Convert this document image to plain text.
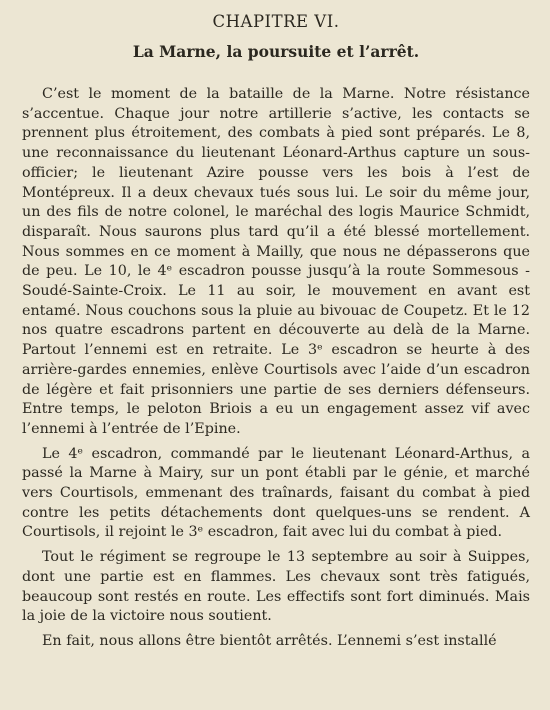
CHAPITRE VI.
La Marne, la poursuite et l’arrêt.

C’est le moment de la bataille de la Marne. Notre résistance s’accentue. Chaque jour notre artillerie s’active, les contacts se prennent plus étroitement, des combats à pied sont préparés. Le 8, une reconnaissance du lieutenant Léonard-Arthus capture un sous-officier; le lieutenant Azire pousse vers les bois à l’est de Montépreux. Il a deux chevaux tués sous lui. Le soir du même jour, un des fils de notre colonel, le maréchal des logis Maurice Schmidt, disparaît. Nous saurons plus tard qu’il a été blessé mortellement. Nous sommes en ce moment à Mailly, que nous ne dépasserons que de peu. Le 10, le 4ᵉ escadron pousse jusqu’à la route Sommesous - Soudé-Sainte-Croix. Le 11 au soir, le mouvement en avant est entamé. Nous couchons sous la pluie au bivouac de Coupetz. Et le 12 nos quatre escadrons partent en découverte au delà de la Marne. Partout l’ennemi est en retraite. Le 3ᵉ escadron se heurte à des arrière-gardes ennemies, enlève Courtisols avec l’aide d’un escadron de légère et fait prisonniers une partie de ses derniers défenseurs. Entre temps, le peloton Briois a eu un engagement assez vif avec l’ennemi à l’entrée de l’Epine.

Le 4ᵉ escadron, commandé par le lieutenant Léonard-Arthus, a passé la Marne à Mairy, sur un pont établi par le génie, et marché vers Courtisols, emmenant des traînards, faisant du combat à pied contre les petits détachements dont quelques-uns se rendent. A Courtisols, il rejoint le 3ᵉ escadron, fait avec lui du combat à pied.

Tout le régiment se regroupe le 13 septembre au soir à Suippes, dont une partie est en flammes. Les chevaux sont très fatigués, beaucoup sont restés en route. Les effectifs sont fort diminués. Mais la joie de la victoire nous soutient.

En fait, nous allons être bientôt arrêtés. L’ennemi s’est installé
